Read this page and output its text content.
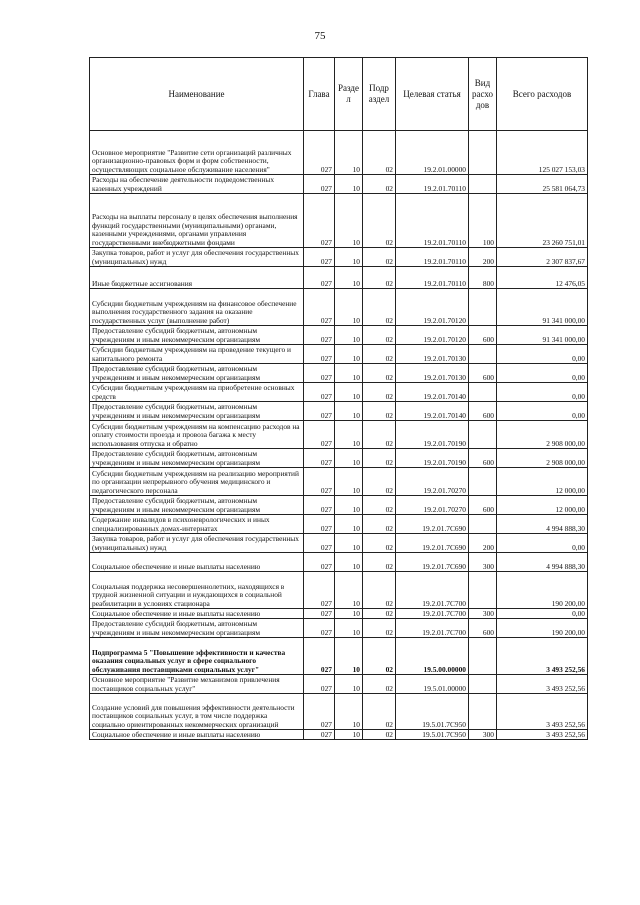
75
Наименование	Глава	Разде л	Подр аздел	Целевая статья	Вид расхо дов	Всего расходов
Основное мероприятие "Развитие сети организаций различных организационно-правовых форм и форм собственности, осуществляющих социальное обслуживание населения"	027	10	02	19.2.01.00000		125 027 153,03
Расходы на обеспечение деятельности подведомственных казенных учреждений	027	10	02	19.2.01.70110		25 581 064,73
Расходы на выплаты персоналу в целях обеспечения выполнения функций государственными (муниципальными) органами, казенными учреждениями, органами управления государственными внебюджетными фондами	027	10	02	19.2.01.70110	100	23 260 751,01
Закупка товаров, работ и услуг для обеспечения государственных (муниципальных) нужд	027	10	02	19.2.01.70110	200	2 307 837,67
Иные бюджетные ассигнования	027	10	02	19.2.01.70110	800	12 476,05
Субсидии бюджетным учреждениям на финансовое обеспечение выполнения государственного задания на оказание государственных услуг (выполнение работ)	027	10	02	19.2.01.70120		91 341 000,00
Предоставление субсидий бюджетным, автономным учреждениям и иным некоммерческим организациям	027	10	02	19.2.01.70120	600	91 341 000,00
Субсидии бюджетным учреждениям на проведение текущего и капитального ремонта	027	10	02	19.2.01.70130		0,00
Предоставление субсидий бюджетным, автономным учреждениям и иным некоммерческим организациям	027	10	02	19.2.01.70130	600	0,00
Субсидии бюджетным учреждениям на приобретение основных средств	027	10	02	19.2.01.70140		0,00
Предоставление субсидий бюджетным, автономным учреждениям и иным некоммерческим организациям	027	10	02	19.2.01.70140	600	0,00
Субсидии бюджетным учреждениям на компенсацию расходов на оплату стоимости проезда и провоза багажа к месту использования отпуска и обратно	027	10	02	19.2.01.70190		2 908 000,00
Предоставление субсидий бюджетным, автономным учреждениям и иным некоммерческим организациям	027	10	02	19.2.01.70190	600	2 908 000,00
Субсидии бюджетным учреждениям на реализацию мероприятий по организации непрерывного обучения медицинского и педагогического персонала	027	10	02	19.2.01.70270		12 000,00
Предоставление субсидий бюджетным, автономным учреждениям и иным некоммерческим организациям	027	10	02	19.2.01.70270	600	12 000,00
Содержание инвалидов в психоневрологических и иных специализированных домах-интернатах	027	10	02	19.2.01.7C690		4 994 888,30
Закупка товаров, работ и услуг для обеспечения государственных (муниципальных) нужд	027	10	02	19.2.01.7C690	200	0,00
Социальное обеспечение и иные выплаты населению	027	10	02	19.2.01.7C690	300	4 994 888,30
Социальная поддержка несовершеннолетних, находящихся в трудной жизненной ситуации и нуждающихся в социальной реабилитации в условиях стационара	027	10	02	19.2.01.7C700		190 200,00
Социальное обеспечение и иные выплаты населению	027	10	02	19.2.01.7C700	300	0,00
Предоставление субсидий бюджетным, автономным учреждениям и иным некоммерческим организациям	027	10	02	19.2.01.7C700	600	190 200,00
Подпрограмма 5 "Повышение эффективности и качества оказания социальных услуг в сфере социального обслуживания поставщиками социальных услуг"	027	10	02	19.5.00.00000		3 493 252,56
Основное мероприятие "Развитие механизмов привлечения поставщиков социальных услуг"	027	10	02	19.5.01.00000		3 493 252,56
Создание условий для повышения эффективности деятельности поставщиков социальных услуг, в том числе поддержка социально ориентированных некоммерческих организаций	027	10	02	19.5.01.7C950		3 493 252,56
Социальное обеспечение и иные выплаты населению	027	10	02	19.5.01.7C950	300	3 493 252,56
